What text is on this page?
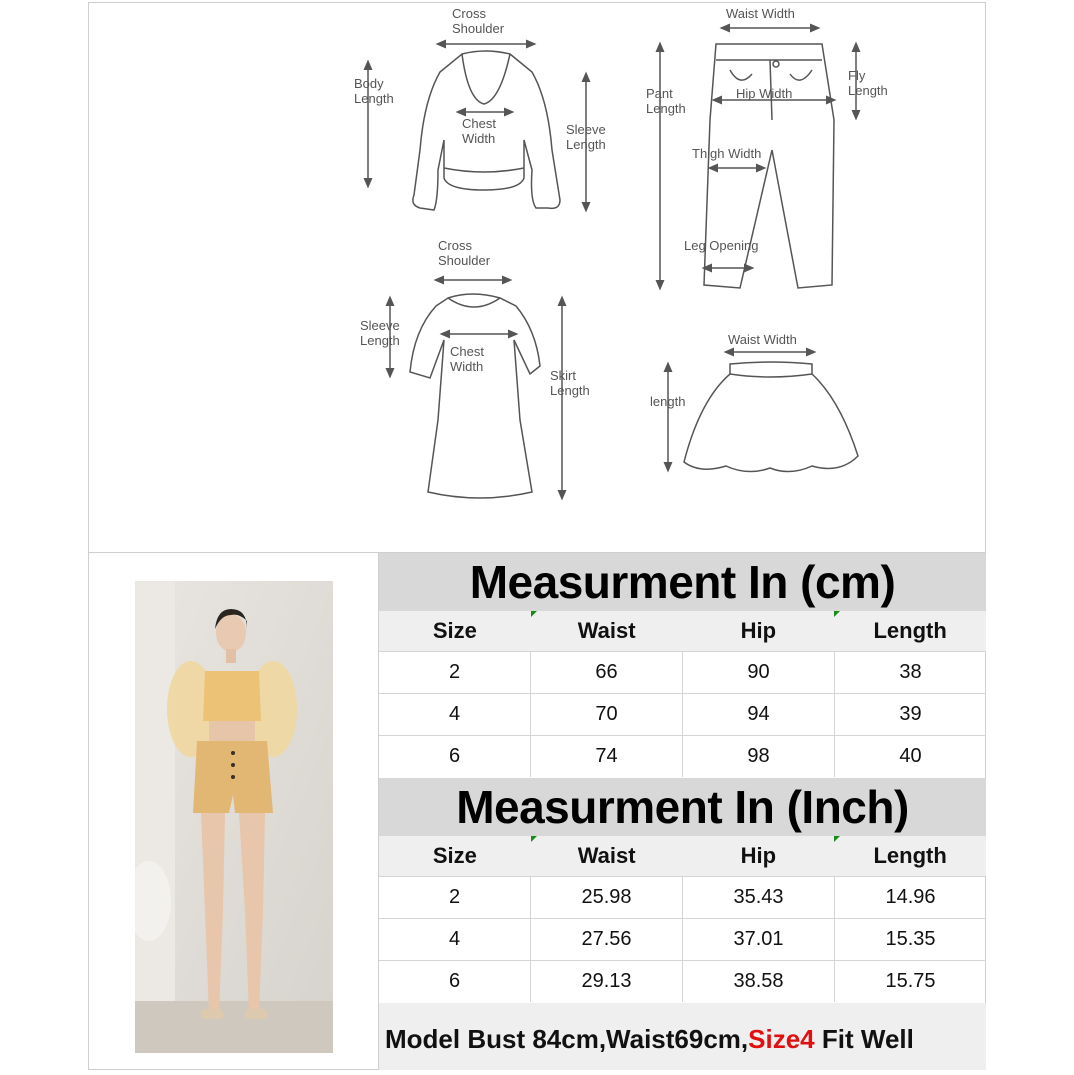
Cross Shoulder
Body Length
Chest Width
Sleeve Length
Waist Width
Pant Length
Hip Width
Fly Length
Thigh Width
Leg Opening
Cross Shoulder
Sleeve Length
Chest Width
Skirt Length
Waist Width
length
Measurment In (cm)
Size	Waist	Hip	Length
2	66	90	38
4	70	94	39
6	74	98	40
Measurment In (Inch)
Size	Waist	Hip	Length
2	25.98	35.43	14.96
4	27.56	37.01	15.35
6	29.13	38.58	15.75
Model Bust 84cm,Waist69cm,Size4 Fit Well
